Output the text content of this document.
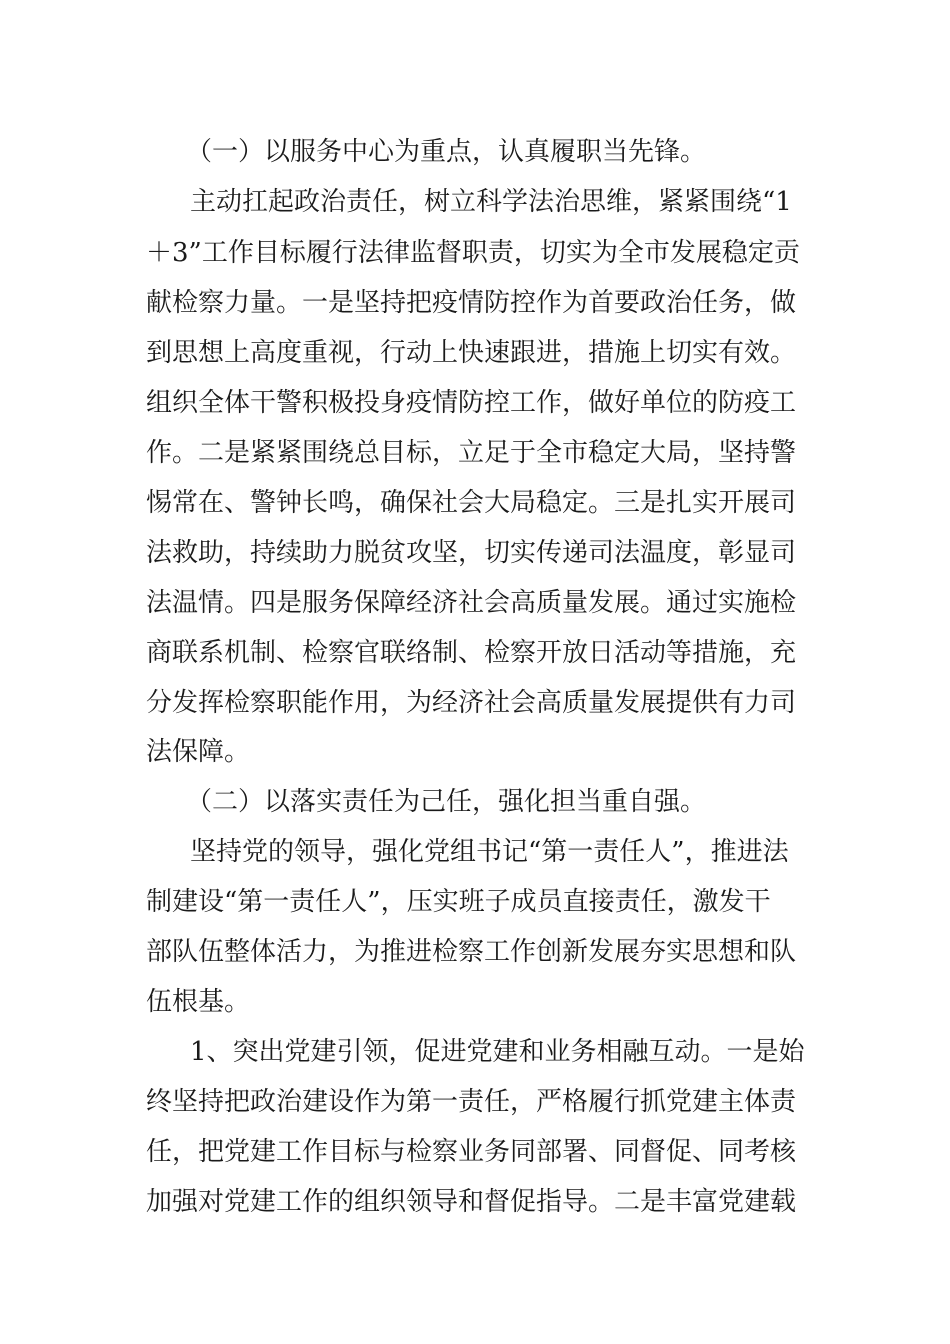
（一）以服务中心为重点，认真履职当先锋。
主动扛起政治责任，树立科学法治思维，紧紧围绕“1
＋3”工作目标履行法律监督职责，切实为全市发展稳定贡
献检察力量。一是坚持把疫情防控作为首要政治任务，做
到思想上高度重视，行动上快速跟进，措施上切实有效。
组织全体干警积极投身疫情防控工作，做好单位的防疫工
作。二是紧紧围绕总目标，立足于全市稳定大局，坚持警
惕常在、警钟长鸣，确保社会大局稳定。三是扎实开展司
法救助，持续助力脱贫攻坚，切实传递司法温度，彰显司
法温情。四是服务保障经济社会高质量发展。通过实施检
商联系机制、检察官联络制、检察开放日活动等措施，充
分发挥检察职能作用，为经济社会高质量发展提供有力司
法保障。
（二）以落实责任为己任，强化担当重自强。
坚持党的领导，强化党组书记“第一责任人”，推进法
制建设“第一责任人”，压实班子成员直接责任，激发干
部队伍整体活力，为推进检察工作创新发展夯实思想和队
伍根基。
1、突出党建引领，促进党建和业务相融互动。一是始
终坚持把政治建设作为第一责任，严格履行抓党建主体责
任，把党建工作目标与检察业务同部署、同督促、同考核
加强对党建工作的组织领导和督促指导。二是丰富党建载
